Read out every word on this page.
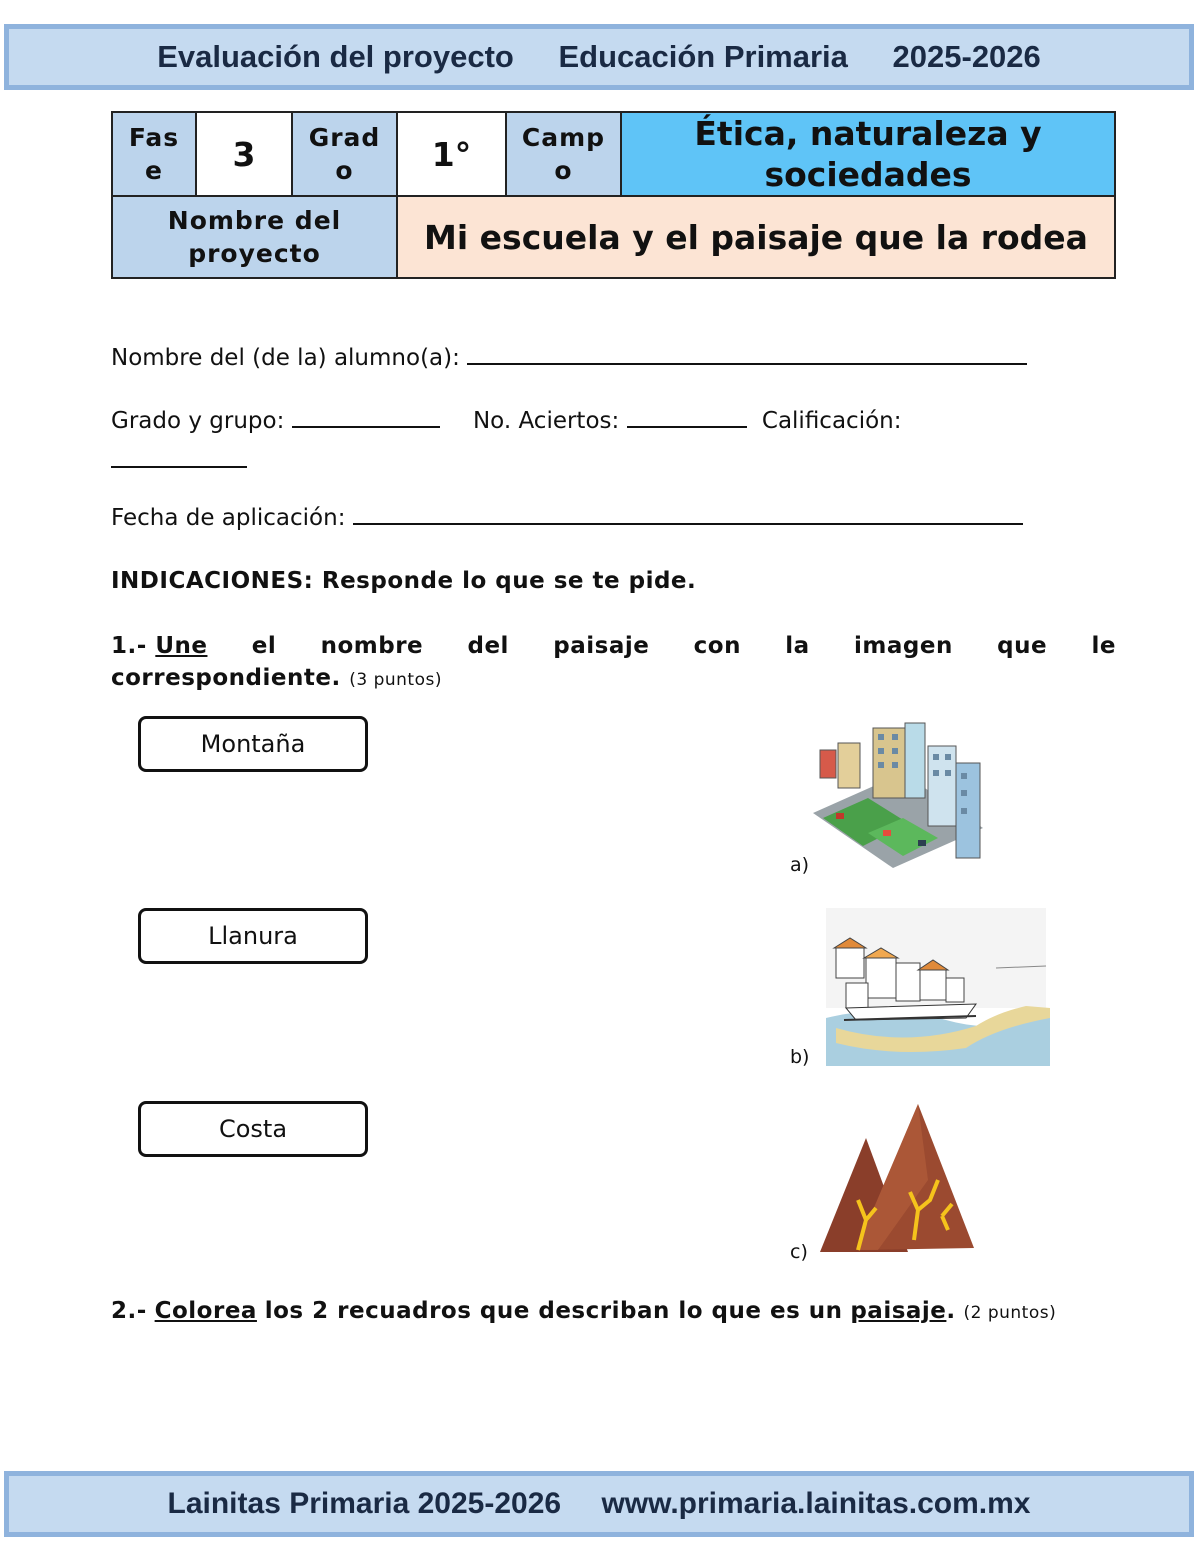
Evaluación del proyecto Educación Primaria 2025-2026
Fas e	3	Grad o	1°	Camp o	Ética, naturaleza y sociedades
Nombre del proyecto			Mi escuela y el paisaje que la rodea		
Nombre del (de la) alumno(a):
Grado y grupo:	No. Aciertos:	Calificación:
Fecha de aplicación:
INDICACIONES: Responde lo que se te pide.
1.- Une el nombre del paisaje con la imagen que le
correspondiente. (3 puntos)
Montaña
Llanura
Costa
a)
b)
c)
2.- Colorea los 2 recuadros que describan lo que es un paisaje. (2 puntos)
Lainitas Primaria 2025-2026 www.primaria.lainitas.com.mx
